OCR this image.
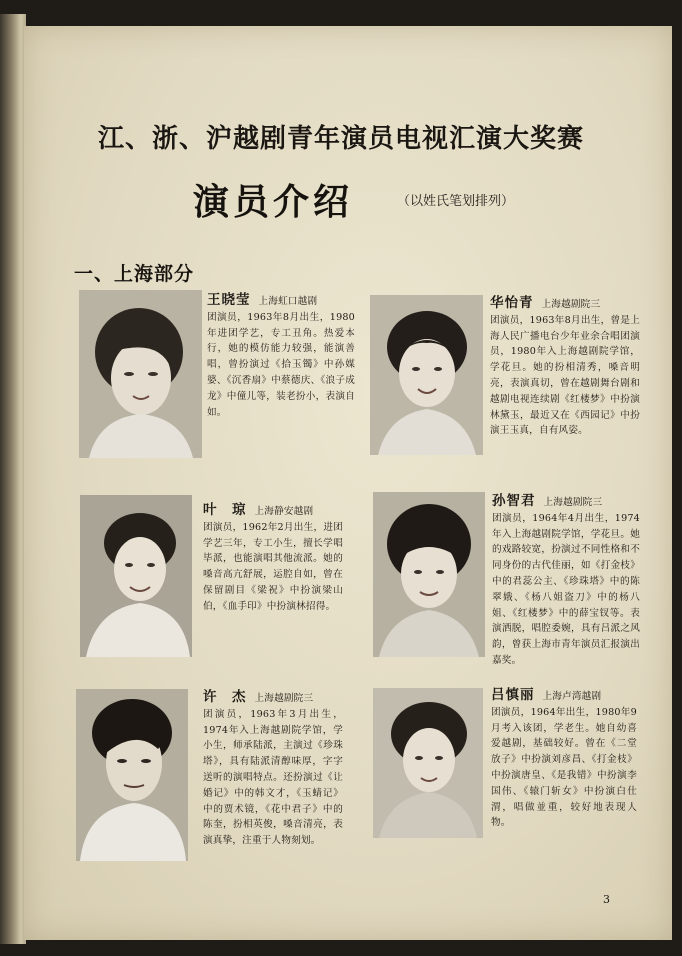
江、浙、沪越剧青年演员电视汇演大奖赛
演员介绍	（以姓氏笔划排列）
一、上海部分
王晓莹 上海虹口越剧
团演员，1963年8月出生，1980年进团学艺，专工丑角。热爱本行，她的模仿能力较强，能演善唱，曾扮演过《拾玉镯》中孙媒婆、《沉香扇》中蔡德庆、《浪子成龙》中僮儿等，装老扮小，表演自如。
华怡青 上海越剧院三
团演员，1963年8月出生，曾是上海人民广播电台少年业余合唱团演员，1980年入上海越剧院学馆，学花旦。她的扮相清秀，嗓音明亮，表演真切，曾在越剧舞台剧和越剧电视连续剧《红楼梦》中扮演林黛玉，最近又在《西园记》中扮演王玉真，自有风姿。
叶　琼 上海静安越剧
团演员，1962年2月出生，进团学艺三年，专工小生，擅长学唱毕派，也能演唱其他流派。她的嗓音高亢舒展，运腔自如，曾在保留剧目《梁祝》中扮演梁山伯，《血手印》中扮演林招得。
孙智君 上海越剧院三
团演员，1964年4月出生，1974年入上海越剧院学馆，学花旦。她的戏路较宽，扮演过不同性格和不同身份的古代佳丽，如《打金枝》中的君蕊公主、《珍珠塔》中的陈翠娥、《杨八姐盗刀》中的杨八姐、《红楼梦》中的薛宝钗等。表演洒脱，唱腔委婉，具有吕派之风韵，曾获上海市青年演员汇报演出嘉奖。
许　杰 上海越剧院三
团演员，1963年3月出生，1974年入上海越剧院学馆，学小生，师承陆派，主演过《珍珠塔》，具有陆派清醇味厚，字字送听的演唱特点。还扮演过《让婚记》中的韩文才，《玉蜻记》中的贾术镜，《花中君子》中的陈奎，扮相英俊，嗓音清亮，表演真挚，注重于人物刻划。
吕慎丽 上海卢湾越剧
团演员，1964年出生，1980年9月考入该团，学老生。她自幼喜爱越剧，基础较好。曾在《二堂放子》中扮演刘彦昌、《打金枝》中扮演唐皇、《是我错》中扮演李国伟、《辕门斩女》中扮演白仕渭，唱做並重，较好地表现人物。
3
